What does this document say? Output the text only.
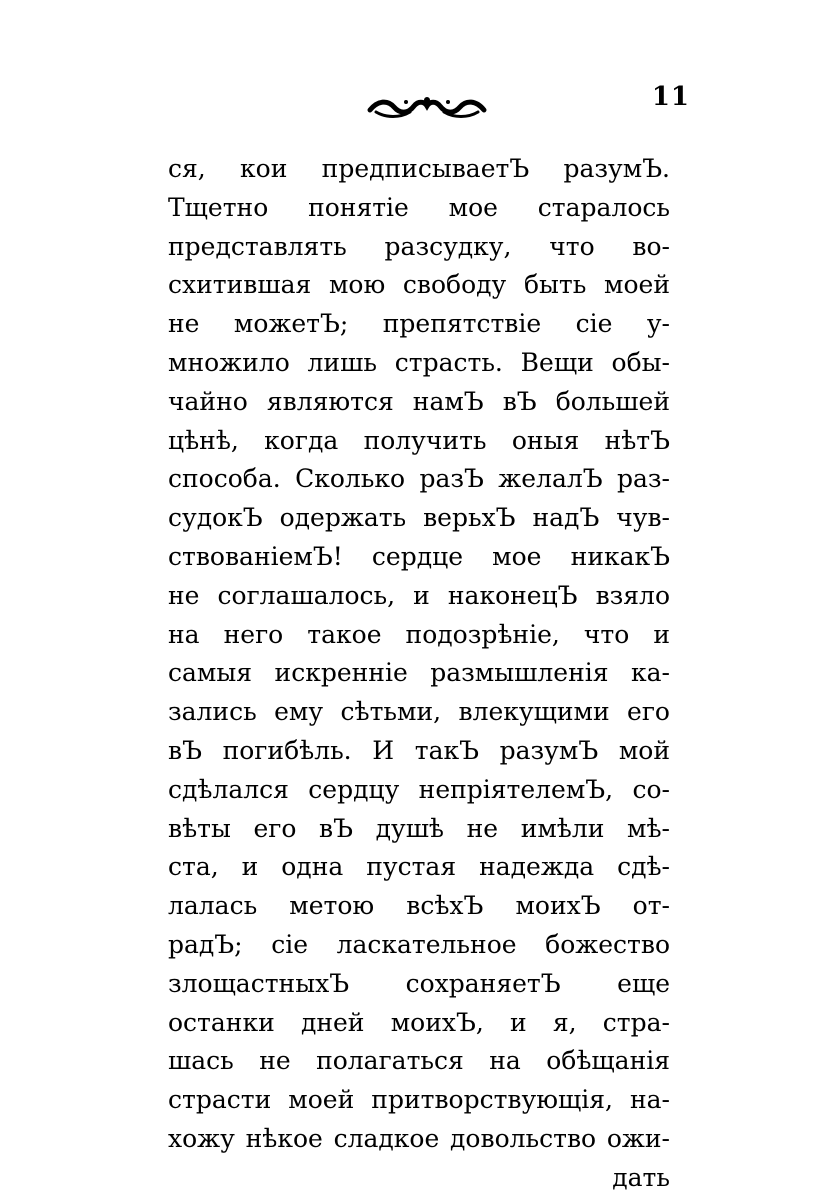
11
ся, кои предписываетЪ разумЪ.
Тщетно понятіе мое старалось
представлять разсудку, что во-
схитившая мою свободу быть моей
не можетЪ; препятствіе сіе у-
множило лишь страсть. Вещи обы-
чайно являются намЪ вЪ большей
цѣнѣ, когда получить оныя нѣтЪ
способа. Сколько разЪ желалЪ раз-
судокЪ одержать верьхЪ надЪ чув-
ствованіемЪ! сердце мое никакЪ
не соглашалось, и наконецЪ взяло
на него такое подозрѣніе, что и
самыя искренніе размышленія ка-
зались ему сѣтьми, влекущими его
вЪ погибѣль. И такЪ разумЪ мой
сдѣлался сердцу непріятелемЪ, со-
вѣты его вЪ душѣ не имѣли мѣ-
ста, и одна пустая надежда сдѣ-
лалась метою всѣхЪ моихЪ от-
радЪ; сіе ласкательное божество
злощастныхЪ сохраняетЪ еще
останки дней моихЪ, и я, стра-
шась не полагаться на обѣщанія
страсти моей притворствующія, на-
хожу нѣкое сладкое довольство ожи-
дать
